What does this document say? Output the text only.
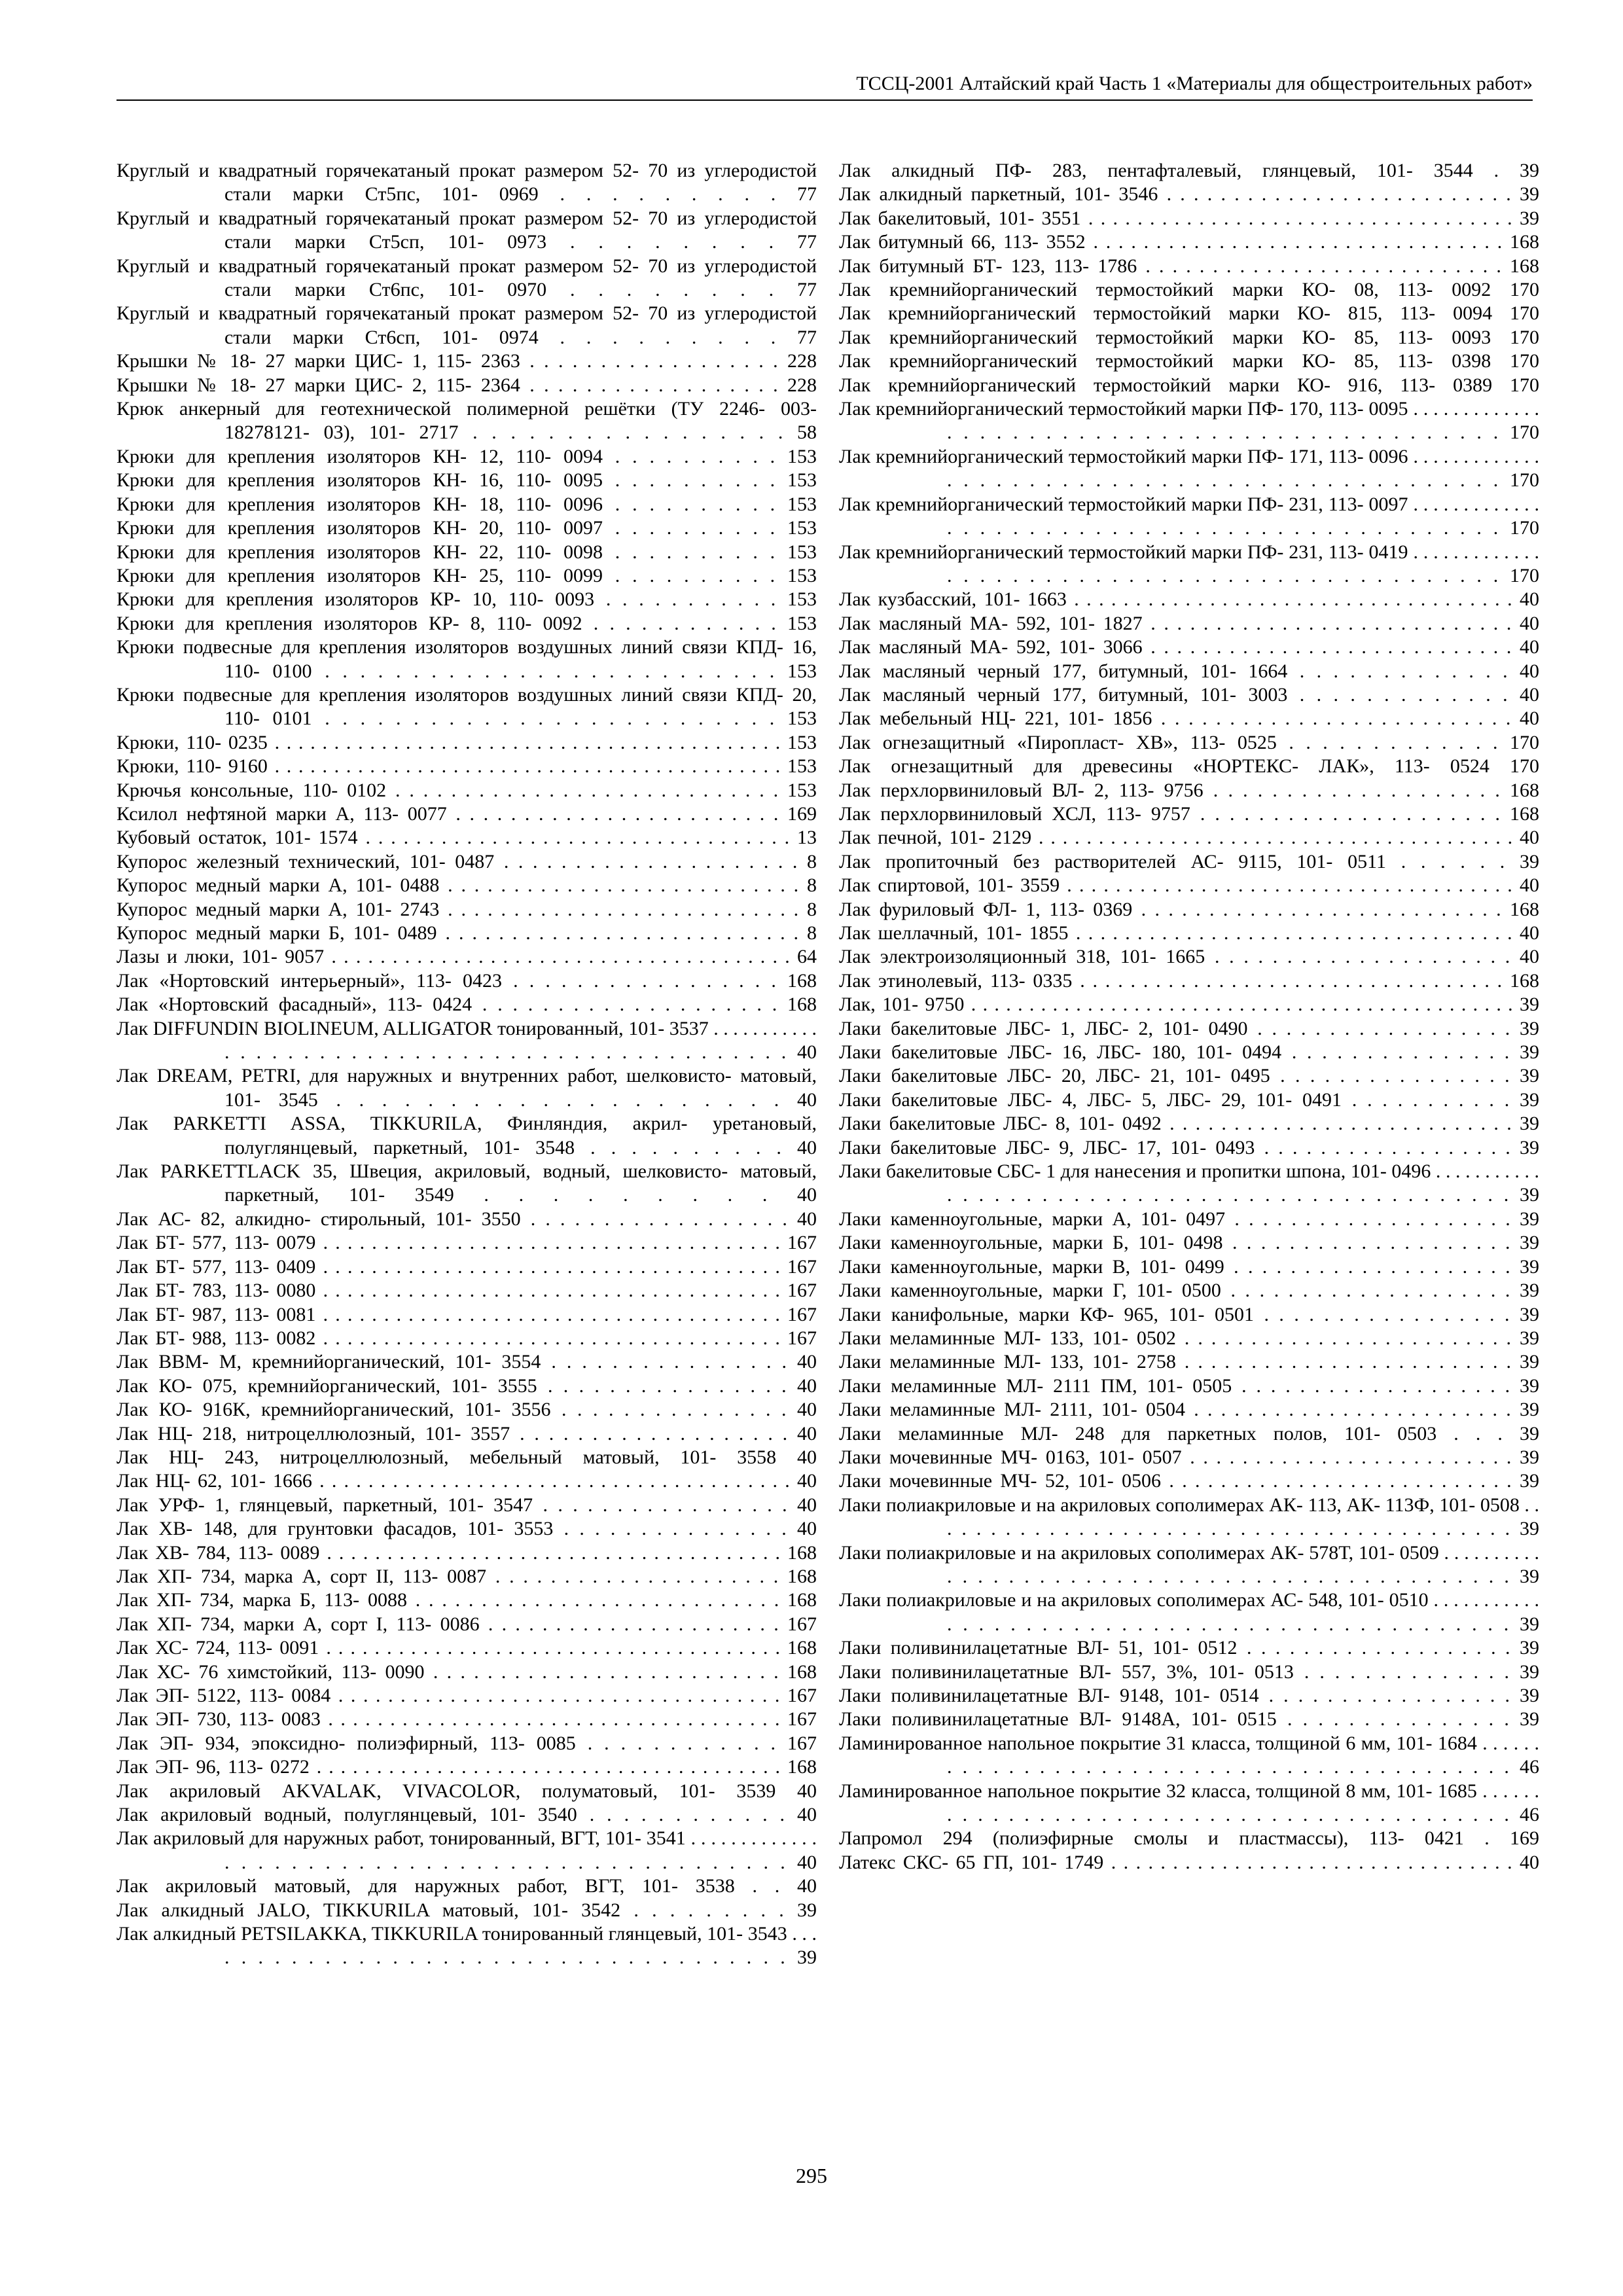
ТССЦ-2001 Алтайский край Часть 1 «Материалы для общестроительных работ»
Круглый и квадратный горячекатаный прокат размером 52- 70 из углеродистой стали марки Ст5пс, 101- 0969 . . . . . . . . . 77
Круглый и квадратный горячекатаный прокат размером 52- 70 из углеродистой стали марки Ст5сп, 101- 0973 . . . . . . . . 77
Круглый и квадратный горячекатаный прокат размером 52- 70 из углеродистой стали марки Ст6пс, 101- 0970 . . . . . . . . 77
Круглый и квадратный горячекатаный прокат размером 52- 70 из углеродистой стали марки Ст6сп, 101- 0974 . . . . . . . . . 77
Крышки № 18- 27 марки ЦИС- 1, 115- 2363 . . . . . . . . . . . . . . . . . . 228
Крышки № 18- 27 марки ЦИС- 2, 115- 2364 . . . . . . . . . . . . . . . . . . 228
Крюк анкерный для геотехнической полимерной решётки (ТУ 2246- 003- 18278121- 03), 101- 2717 . . . . . . . . . . . . . . . . . 58
Крюки для крепления изоляторов КН- 12, 110- 0094 . . . . . . . . . . 153
Крюки для крепления изоляторов КН- 16, 110- 0095 . . . . . . . . . . 153
Крюки для крепления изоляторов КН- 18, 110- 0096 . . . . . . . . . . 153
Крюки для крепления изоляторов КН- 20, 110- 0097 . . . . . . . . . . 153
Крюки для крепления изоляторов КН- 22, 110- 0098 . . . . . . . . . . 153
Крюки для крепления изоляторов КН- 25, 110- 0099 . . . . . . . . . . 153
Крюки для крепления изоляторов КР- 10, 110- 0093 . . . . . . . . . . . 153
Крюки для крепления изоляторов КР- 8, 110- 0092 . . . . . . . . . . . . 153
Крюки подвесные для крепления изоляторов воздушных линий связи КПД- 16, 110- 0100 . . . . . . . . . . . . . . . . . . . . . . . . . . 153
Крюки подвесные для крепления изоляторов воздушных линий связи КПД- 20, 110- 0101 . . . . . . . . . . . . . . . . . . . . . . . . . . 153
Крюки, 110- 0235 . . . . . . . . . . . . . . . . . . . . . . . . . . . . . . . . . . . . . . . . . . . 153
Крюки, 110- 9160 . . . . . . . . . . . . . . . . . . . . . . . . . . . . . . . . . . . . . . . . . . . 153
Крючья консольные, 110- 0102 . . . . . . . . . . . . . . . . . . . . . . . . . . . . 153
Ксилол нефтяной марки А, 113- 0077 . . . . . . . . . . . . . . . . . . . . . . . . 169
Кубовый остаток, 101- 1574 . . . . . . . . . . . . . . . . . . . . . . . . . . . . . . . . . . 13
Купорос железный технический, 101- 0487 . . . . . . . . . . . . . . . . . . . . . 8
Купорос медный марки А, 101- 0488 . . . . . . . . . . . . . . . . . . . . . . . . . . . 8
Купорос медный марки А, 101- 2743 . . . . . . . . . . . . . . . . . . . . . . . . . . . 8
Купорос медный марки Б, 101- 0489 . . . . . . . . . . . . . . . . . . . . . . . . . . . 8
Лазы и люки, 101- 9057 . . . . . . . . . . . . . . . . . . . . . . . . . . . . . . . . . . . . . . 64
Лак «Нортовский интерьерный», 113- 0423 . . . . . . . . . . . . . . . . . 168
Лак «Нортовский фасадный», 113- 0424 . . . . . . . . . . . . . . . . . . . . 168
Лак DIFFUNDIN BIOLINEUM, ALLIGATOR тонированный, 101- 3537 . . . . . . . . . . . . . . . . . . . . . . . . . . . . . . . . . . . . . . . . . . . . . . . 40
Лак DREAM, PETRI, для наружных и внутренних работ, шелковисто- матовый, 101- 3545 . . . . . . . . . . . . . . . . . . . . 40
Лак PARKETTI ASSA, TIKKURILA, Финляндия, акрил- уретановый, полуглянцевый, паркетный, 101- 3548 . . . . . . . . . . 40
Лак PARKETTLACK 35, Швеция, акриловый, водный, шелковисто- матовый, паркетный, 101- 3549 . . . . . . . . . 40
Лак АС- 82, алкидно- стирольный, 101- 3550 . . . . . . . . . . . . . . . . . . 40
Лак БТ- 577, 113- 0079 . . . . . . . . . . . . . . . . . . . . . . . . . . . . . . . . . . . . . . 167
Лак БТ- 577, 113- 0409 . . . . . . . . . . . . . . . . . . . . . . . . . . . . . . . . . . . . . . 167
Лак БТ- 783, 113- 0080 . . . . . . . . . . . . . . . . . . . . . . . . . . . . . . . . . . . . . . 167
Лак БТ- 987, 113- 0081 . . . . . . . . . . . . . . . . . . . . . . . . . . . . . . . . . . . . . . 167
Лак БТ- 988, 113- 0082 . . . . . . . . . . . . . . . . . . . . . . . . . . . . . . . . . . . . . . 167
Лак ВВМ- М, кремнийорганический, 101- 3554 . . . . . . . . . . . . . . . . 40
Лак КО- 075, кремнийорганический, 101- 3555 . . . . . . . . . . . . . . . . 40
Лак КО- 916К, кремнийорганический, 101- 3556 . . . . . . . . . . . . . . . 40
Лак НЦ- 218, нитроцеллюлозный, 101- 3557 . . . . . . . . . . . . . . . . . . . 40
Лак НЦ- 243, нитроцеллюлозный, мебельный матовый, 101- 3558 40
Лак НЦ- 62, 101- 1666 . . . . . . . . . . . . . . . . . . . . . . . . . . . . . . . . . . . . . . . 40
Лак УРФ- 1, глянцевый, паркетный, 101- 3547 . . . . . . . . . . . . . . . . . 40
Лак ХВ- 148, для грунтовки фасадов, 101- 3553 . . . . . . . . . . . . . . . 40
Лак ХВ- 784, 113- 0089 . . . . . . . . . . . . . . . . . . . . . . . . . . . . . . . . . . . . . . 168
Лак ХП- 734, марка А, сорт II, 113- 0087 . . . . . . . . . . . . . . . . . . . . . 168
Лак ХП- 734, марка Б, 113- 0088 . . . . . . . . . . . . . . . . . . . . . . . . . . . . 168
Лак ХП- 734, марки А, сорт I, 113- 0086 . . . . . . . . . . . . . . . . . . . . . . 167
Лак ХС- 724, 113- 0091 . . . . . . . . . . . . . . . . . . . . . . . . . . . . . . . . . . . . . . 168
Лак ХС- 76 химстойкий, 113- 0090 . . . . . . . . . . . . . . . . . . . . . . . . . . 168
Лак ЭП- 5122, 113- 0084 . . . . . . . . . . . . . . . . . . . . . . . . . . . . . . . . . . . . 167
Лак ЭП- 730, 113- 0083 . . . . . . . . . . . . . . . . . . . . . . . . . . . . . . . . . . . . . 167
Лак ЭП- 934, эпоксидно- полиэфирный, 113- 0085 . . . . . . . . . . . . 167
Лак ЭП- 96, 113- 0272 . . . . . . . . . . . . . . . . . . . . . . . . . . . . . . . . . . . . . . . 168
Лак акриловый AKVALAK, VIVACOLOR, полуматовый, 101- 3539 40
Лак акриловый водный, полуглянцевый, 101- 3540 . . . . . . . . . . . . 40
Лак акриловый для наружных работ, тонированный, ВГТ, 101- 3541 . . . . . . . . . . . . . . . . . . . . . . . . . . . . . . . . . . . . . . . . . . . . . . . 40
Лак акриловый матовый, для наружных работ, ВГТ, 101- 3538 . . 40
Лак алкидный JALO, TIKKURILA матовый, 101- 3542 . . . . . . . . . 39
Лак алкидный PETSILAKKA, TIKKURILA тонированный глянцевый, 101- 3543 . . . . . . . . . . . . . . . . . . . . . . . . . . . . . . . . . . . . . 39
Лак алкидный ПФ- 283, пентафталевый, глянцевый, 101- 3544 . 39
Лак алкидный паркетный, 101- 3546 . . . . . . . . . . . . . . . . . . . . . . . . . . 39
Лак бакелитовый, 101- 3551 . . . . . . . . . . . . . . . . . . . . . . . . . . . . . . . . . . . 39
Лак битумный 66, 113- 3552 . . . . . . . . . . . . . . . . . . . . . . . . . . . . . . . . . 168
Лак битумный БТ- 123, 113- 1786 . . . . . . . . . . . . . . . . . . . . . . . . . . . 168
Лак кремнийорганический термостойкий марки КО- 08, 113- 0092 170
Лак кремнийорганический термостойкий марки КО- 815, 113- 0094 170
Лак кремнийорганический термостойкий марки КО- 85, 113- 0093 170
Лак кремнийорганический термостойкий марки КО- 85, 113- 0398 170
Лак кремнийорганический термостойкий марки КО- 916, 113- 0389 170
Лак кремнийорганический термостойкий марки ПФ- 170, 113- 0095 . . . . . . . . . . . . . . . . . . . . . . . . . . . . . . . . . . . . . . . . . . . . . . . 170
Лак кремнийорганический термостойкий марки ПФ- 171, 113- 0096 . . . . . . . . . . . . . . . . . . . . . . . . . . . . . . . . . . . . . . . . . . . . . . . 170
Лак кремнийорганический термостойкий марки ПФ- 231, 113- 0097 . . . . . . . . . . . . . . . . . . . . . . . . . . . . . . . . . . . . . . . . . . . . . . . 170
Лак кремнийорганический термостойкий марки ПФ- 231, 113- 0419 . . . . . . . . . . . . . . . . . . . . . . . . . . . . . . . . . . . . . . . . . . . . . . . 170
Лак кузбасский, 101- 1663 . . . . . . . . . . . . . . . . . . . . . . . . . . . . . . . . . . . . 40
Лак масляный МА- 592, 101- 1827 . . . . . . . . . . . . . . . . . . . . . . . . . . . . 40
Лак масляный МА- 592, 101- 3066 . . . . . . . . . . . . . . . . . . . . . . . . . . . . 40
Лак масляный черный 177, битумный, 101- 1664 . . . . . . . . . . . . . 40
Лак масляный черный 177, битумный, 101- 3003 . . . . . . . . . . . . . 40
Лак мебельный НЦ- 221, 101- 1856 . . . . . . . . . . . . . . . . . . . . . . . . . . 40
Лак огнезащитный «Пиропласт- ХВ», 113- 0525 . . . . . . . . . . . . . 170
Лак огнезащитный для древесины «НОРТЕКС- ЛАК», 113- 0524 170
Лак перхлорвиниловый ВЛ- 2, 113- 9756 . . . . . . . . . . . . . . . . . . . . 168
Лак перхлорвиниловый ХСЛ, 113- 9757 . . . . . . . . . . . . . . . . . . . . . 168
Лак печной, 101- 2129 . . . . . . . . . . . . . . . . . . . . . . . . . . . . . . . . . . . . . . . . 40
Лак пропиточный без растворителей АС- 9115, 101- 0511 . . . . . . 39
Лак спиртовой, 101- 3559 . . . . . . . . . . . . . . . . . . . . . . . . . . . . . . . . . . . . . 40
Лак фуриловый ФЛ- 1, 113- 0369 . . . . . . . . . . . . . . . . . . . . . . . . . . . 168
Лак шеллачный, 101- 1855 . . . . . . . . . . . . . . . . . . . . . . . . . . . . . . . . . . . . 40
Лак электроизоляционный 318, 101- 1665 . . . . . . . . . . . . . . . . . . . . . 40
Лак этинолевый, 113- 0335 . . . . . . . . . . . . . . . . . . . . . . . . . . . . . . . . . . 168
Лак, 101- 9750 . . . . . . . . . . . . . . . . . . . . . . . . . . . . . . . . . . . . . . . . . . . . . . . 39
Лаки бакелитовые ЛБС- 1, ЛБС- 2, 101- 0490 . . . . . . . . . . . . . . . . . . 39
Лаки бакелитовые ЛБС- 16, ЛБС- 180, 101- 0494 . . . . . . . . . . . . . . . 39
Лаки бакелитовые ЛБС- 20, ЛБС- 21, 101- 0495 . . . . . . . . . . . . . . . . 39
Лаки бакелитовые ЛБС- 4, ЛБС- 5, ЛБС- 29, 101- 0491 . . . . . . . . . . . 39
Лаки бакелитовые ЛБС- 8, 101- 0492 . . . . . . . . . . . . . . . . . . . . . . . . . . . 39
Лаки бакелитовые ЛБС- 9, ЛБС- 17, 101- 0493 . . . . . . . . . . . . . . . . . . 39
Лаки бакелитовые СБС- 1 для нанесения и пропитки шпона, 101- 0496 . . . . . . . . . . . . . . . . . . . . . . . . . . . . . . . . . . . . . . . . . . . . . . . 39
Лаки каменноугольные, марки А, 101- 0497 . . . . . . . . . . . . . . . . . . . . 39
Лаки каменноугольные, марки Б, 101- 0498 . . . . . . . . . . . . . . . . . . . . 39
Лаки каменноугольные, марки В, 101- 0499 . . . . . . . . . . . . . . . . . . . . 39
Лаки каменноугольные, марки Г, 101- 0500 . . . . . . . . . . . . . . . . . . . . 39
Лаки канифольные, марки КФ- 965, 101- 0501 . . . . . . . . . . . . . . . . . 39
Лаки меламинные МЛ- 133, 101- 0502 . . . . . . . . . . . . . . . . . . . . . . . . . 39
Лаки меламинные МЛ- 133, 101- 2758 . . . . . . . . . . . . . . . . . . . . . . . . . 39
Лаки меламинные МЛ- 2111 ПМ, 101- 0505 . . . . . . . . . . . . . . . . . . . 39
Лаки меламинные МЛ- 2111, 101- 0504 . . . . . . . . . . . . . . . . . . . . . . . . 39
Лаки меламинные МЛ- 248 для паркетных полов, 101- 0503 . . . 39
Лаки мочевинные МЧ- 0163, 101- 0507 . . . . . . . . . . . . . . . . . . . . . . . . . 39
Лаки мочевинные МЧ- 52, 101- 0506 . . . . . . . . . . . . . . . . . . . . . . . . . . . 39
Лаки полиакриловые и на акриловых сополимерах АК- 113, АК- 113Ф, 101- 0508 . . . . . . . . . . . . . . . . . . . . . . . . . . . . . . . . . . . . . . . . . 39
Лаки полиакриловые и на акриловых сополимерах АК- 578Т, 101- 0509 . . . . . . . . . . . . . . . . . . . . . . . . . . . . . . . . . . . . . . . . . . . . . . . 39
Лаки полиакриловые и на акриловых сополимерах АС- 548, 101- 0510 . . . . . . . . . . . . . . . . . . . . . . . . . . . . . . . . . . . . . . . . . . . . . . . 39
Лаки поливинилацетатные ВЛ- 51, 101- 0512 . . . . . . . . . . . . . . . . . . . 39
Лаки поливинилацетатные ВЛ- 557, 3%, 101- 0513 . . . . . . . . . . . . . . 39
Лаки поливинилацетатные ВЛ- 9148, 101- 0514 . . . . . . . . . . . . . . . . . 39
Лаки поливинилацетатные ВЛ- 9148А, 101- 0515 . . . . . . . . . . . . . . . 39
Ламинированное напольное покрытие 31 класса, толщиной 6 мм, 101- 1684 . . . . . . . . . . . . . . . . . . . . . . . . . . . . . . . . . . . . . . . . . . . 46
Ламинированное напольное покрытие 32 класса, толщиной 8 мм, 101- 1685 . . . . . . . . . . . . . . . . . . . . . . . . . . . . . . . . . . . . . . . . . . . 46
Лапромол 294 (полиэфирные смолы и пластмассы), 113- 0421 . 169
Латекс СКС- 65 ГП, 101- 1749 . . . . . . . . . . . . . . . . . . . . . . . . . . . . . . . . . 40
295
